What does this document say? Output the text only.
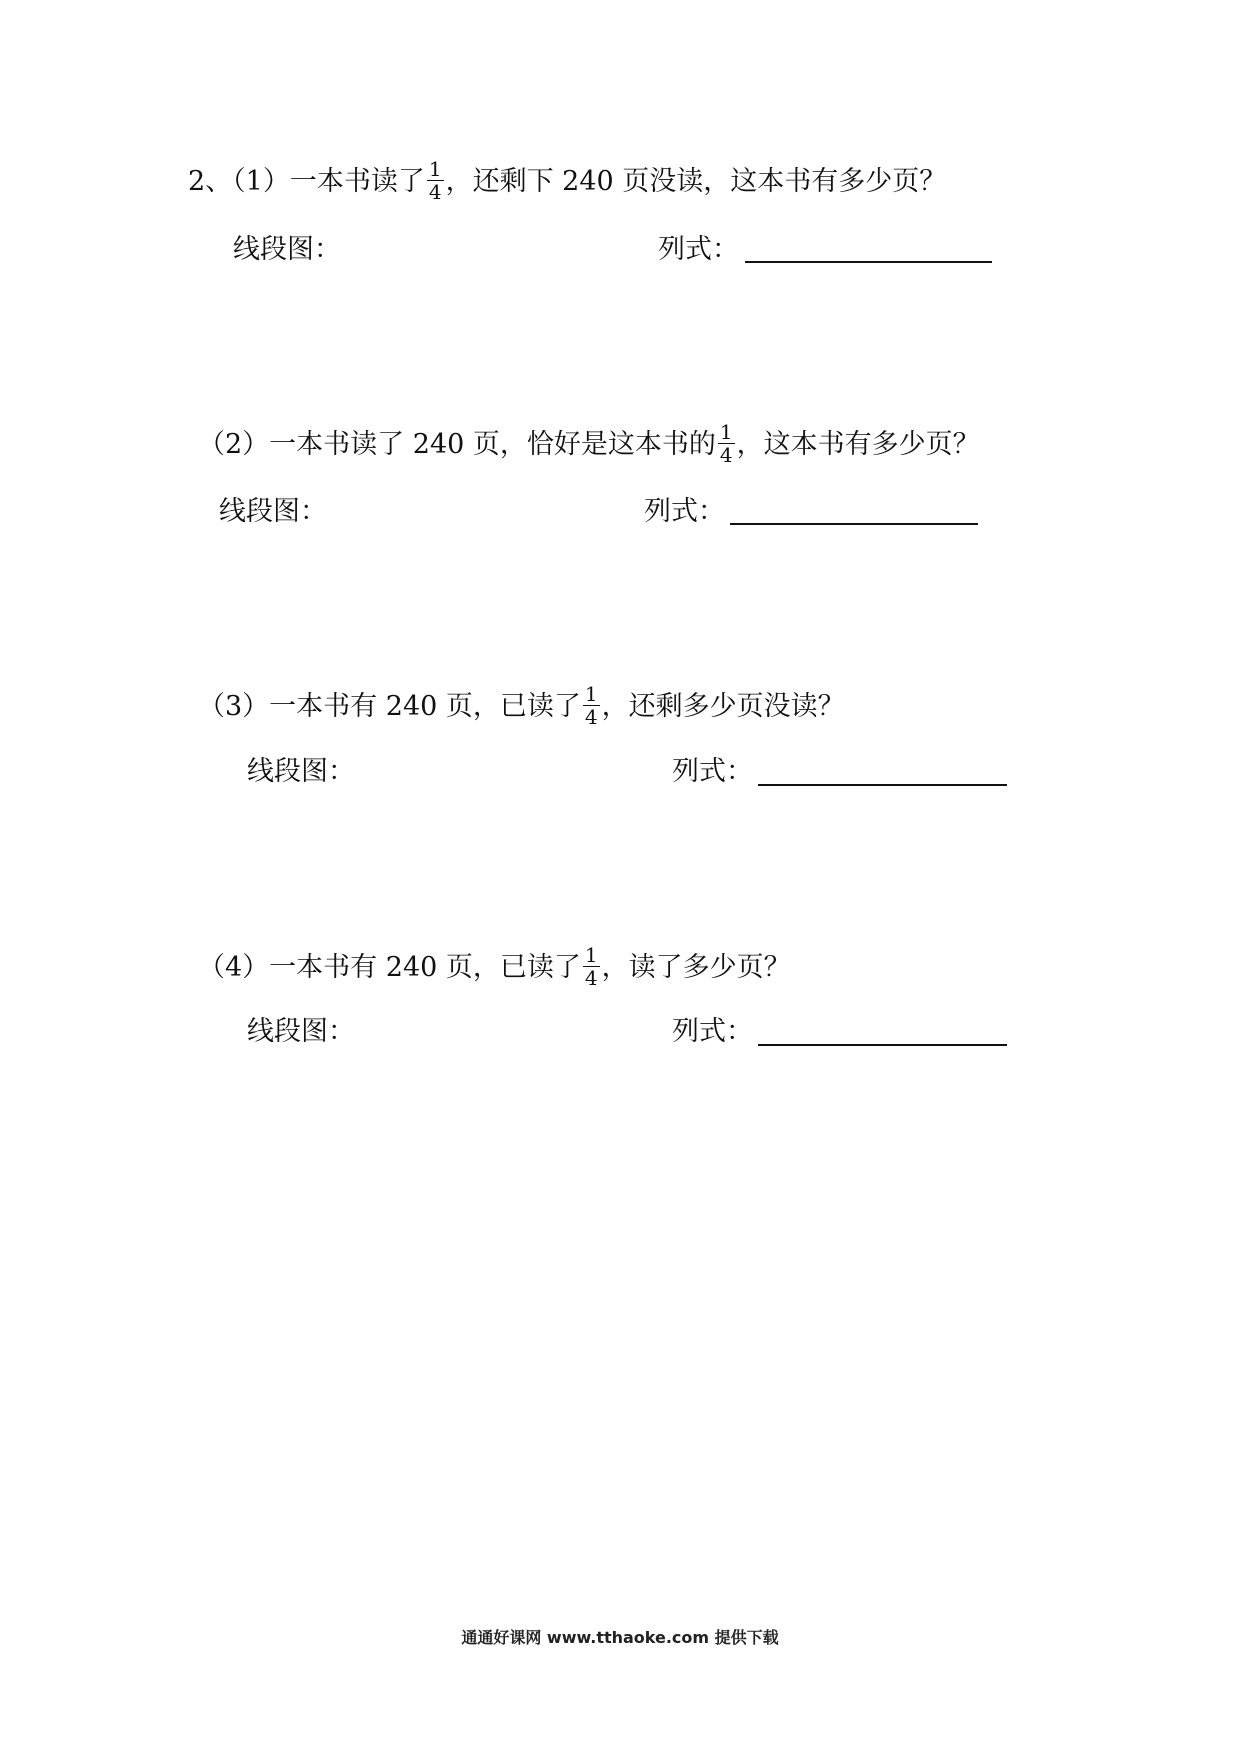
2、（1）一本书读了 $\frac{1}{4}$ ，还剩下 240 页没读，这本书有多少页？
线段图：	列式：
（2）一本书读了 240 页，恰好是这本书的 $\frac{1}{4}$ ，这本书有多少页？
线段图：	列式：
（3）一本书有 240 页，已读了 $\frac{1}{4}$ ，还剩多少页没读？
线段图：	列式：
（4）一本书有 240 页，已读了 $\frac{1}{4}$ ，读了多少页？
线段图：	列式：
通通好课网 www.tthaoke.com 提供下载
